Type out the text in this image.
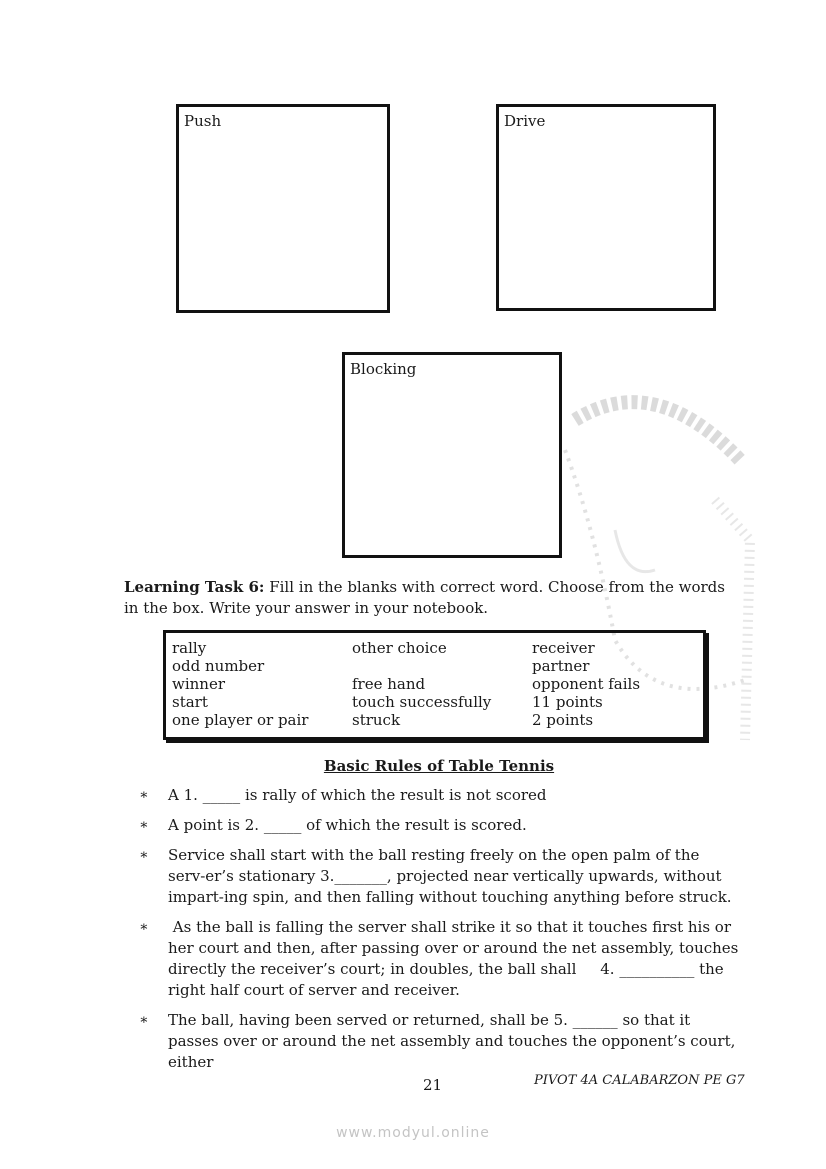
Push	Drive
Blocking
Learning Task 6: Fill in the blanks with correct word. Choose from the words in the box. Write your answer in your notebook.
rally	other choice	receiver
odd number		partner
winner	free hand	opponent fails
start	touch successfully	11 points
one player or pair	struck	2 points
Basic Rules of Table Tennis
∗ A 1. _____ is rally of which the result is not scored
∗ A point is 2. _____ of which the result is scored.
∗ Service shall start with the ball resting freely on the open palm of the serv-er’s stationary 3._______, projected near vertically upwards, without impart-ing spin, and then falling without touching anything before struck.
∗ As the ball is falling the server shall strike it so that it touches first his or her court and then, after passing over or around the net assembly, touches directly the receiver’s court; in doubles, the ball shall     4. __________ the right half court of server and receiver.
∗ The ball, having been served or returned, shall be 5. ______ so that it passes over or around the net assembly and touches the opponent’s court, either
21	PIVOT 4A CALABARZON PE G7
www.modyul.online
